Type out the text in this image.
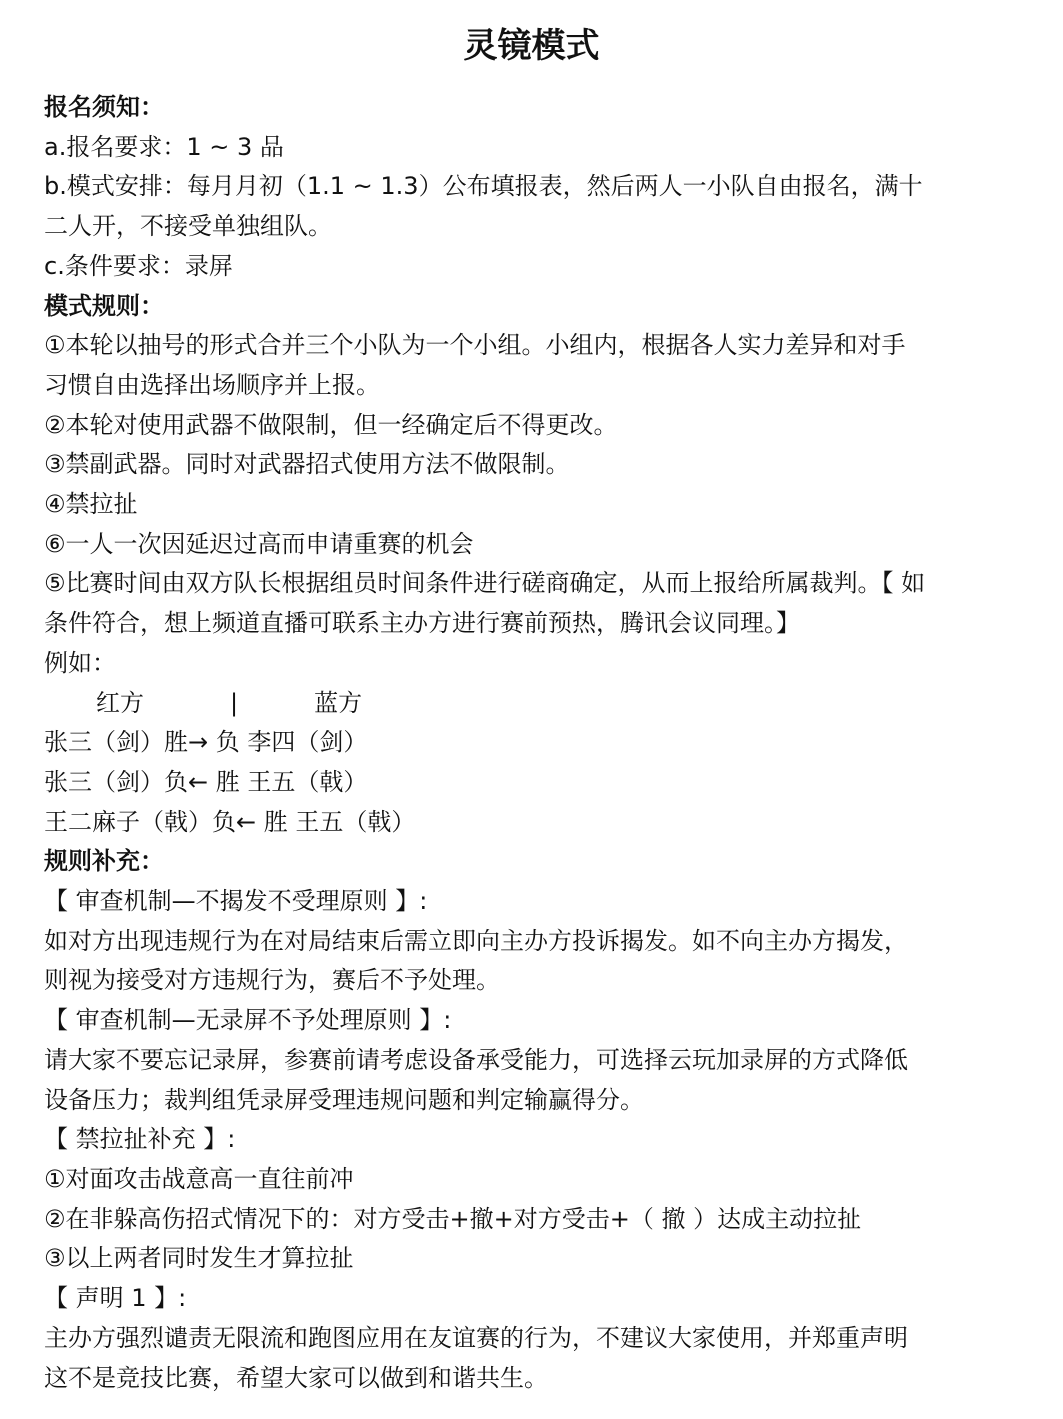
灵镜模式
报名须知：
a.报名要求：1 ~ 3 品
b.模式安排：每月月初（1.1 ~ 1.3）公布填报表，然后两人一小队自由报名，满十
二人开，不接受单独组队。
c.条件要求：录屏
模式规则：
①本轮以抽号的形式合并三个小队为一个小组。小组内，根据各人实力差异和对手
习惯自由选择出场顺序并上报。
②本轮对使用武器不做限制，但一经确定后不得更改。
③禁副武器。同时对武器招式使用方法不做限制。
④禁拉扯
⑥一人一次因延迟过高而申请重赛的机会
⑤比赛时间由双方队长根据组员时间条件进行磋商确定，从而上报给所属裁判。【 如
条件符合，想上频道直播可联系主办方进行赛前预热，腾讯会议同理。】
例如：
红方	|	蓝方
张三（剑）胜→ 负 李四（剑）
张三（剑）负← 胜 王五（戟）
王二麻子（戟）负← 胜 王五（戟）
规则补充：
【 审查机制—不揭发不受理原则 】:
如对方出现违规行为在对局结束后需立即向主办方投诉揭发。如不向主办方揭发，
则视为接受对方违规行为，赛后不予处理。
【 审查机制—无录屏不予处理原则 】:
请大家不要忘记录屏，参赛前请考虑设备承受能力，可选择云玩加录屏的方式降低
设备压力；裁判组凭录屏受理违规问题和判定输赢得分。
【 禁拉扯补充 】:
①对面攻击战意高一直往前冲
②在非躲高伤招式情况下的：对方受击+撤+对方受击+（ 撤 ）达成主动拉扯
③以上两者同时发生才算拉扯
【 声明 1 】:
主办方强烈谴责无限流和跑图应用在友谊赛的行为，不建议大家使用，并郑重声明
这不是竞技比赛，希望大家可以做到和谐共生。
